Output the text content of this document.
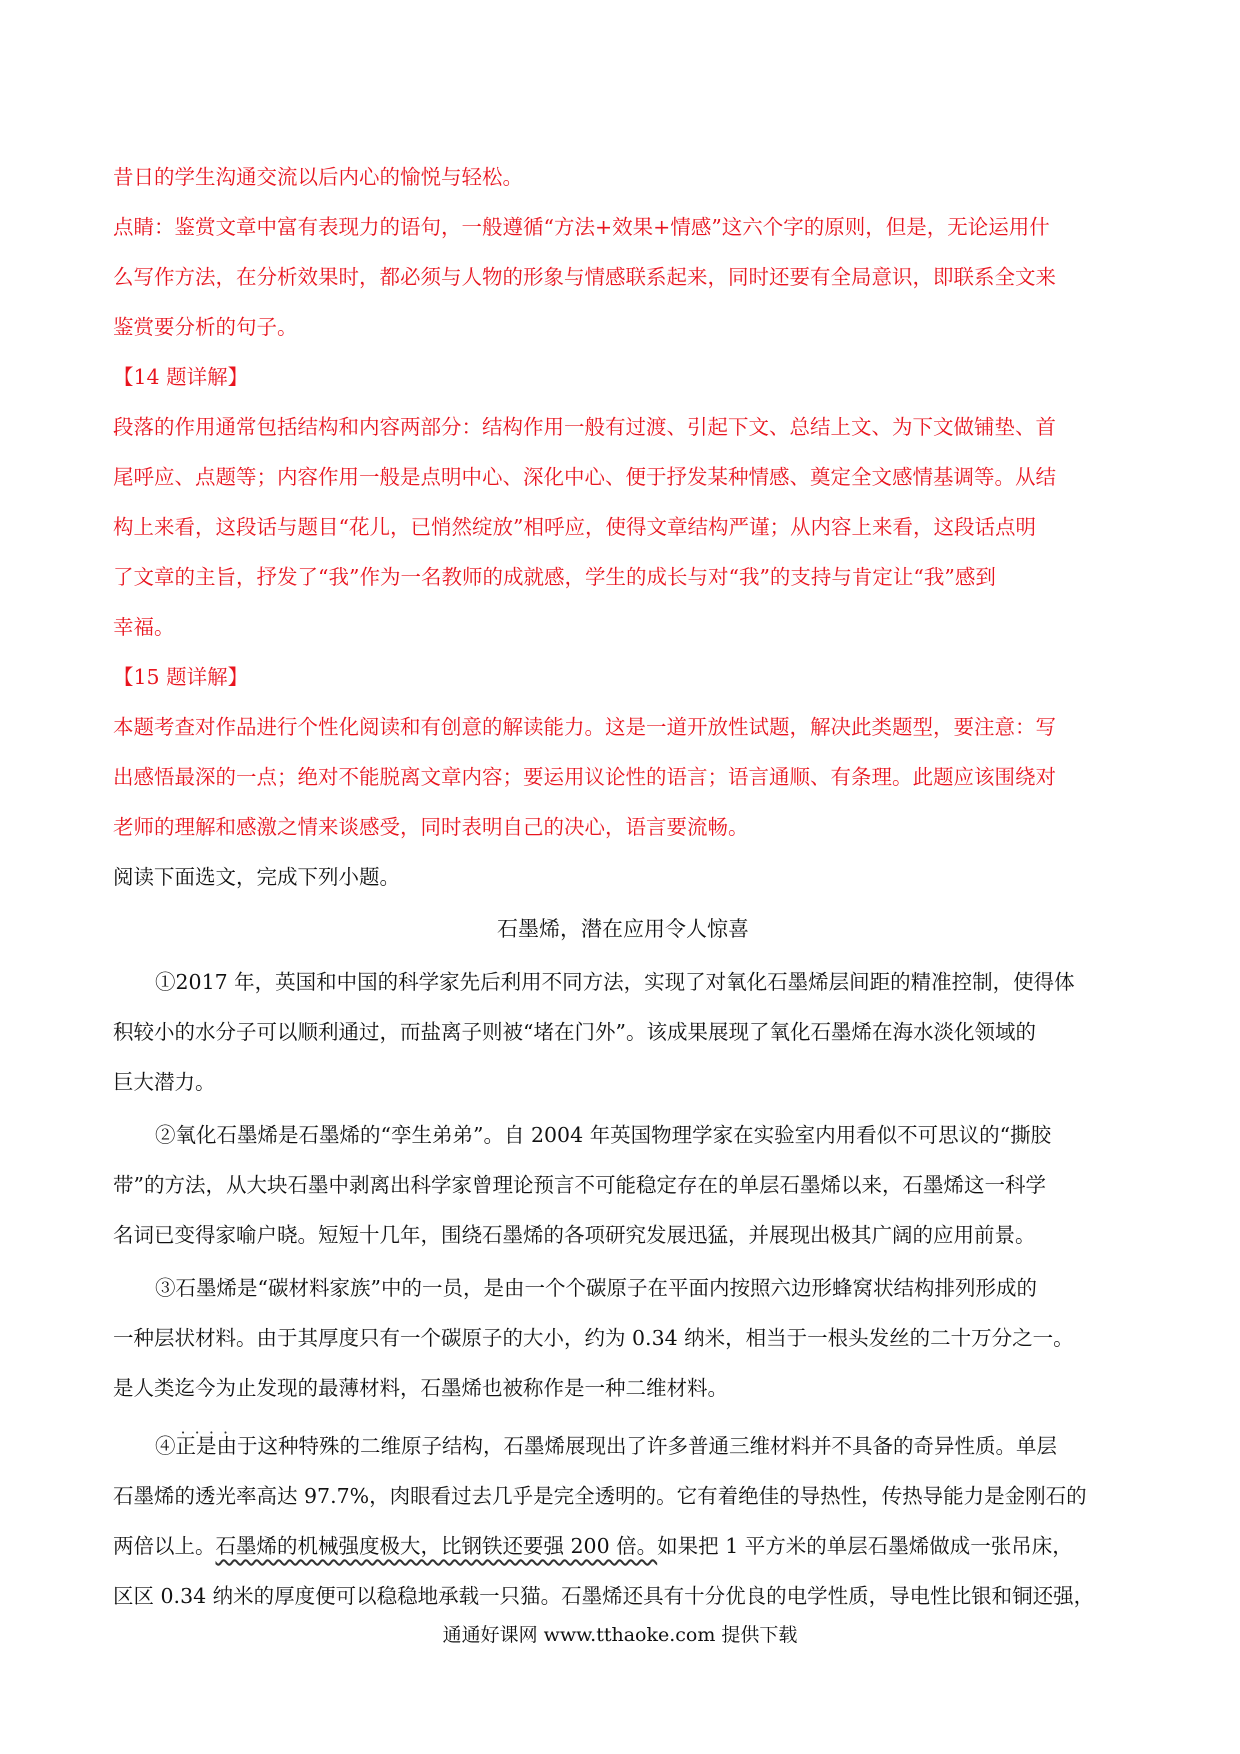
昔日的学生沟通交流以后内心的愉悦与轻松。
点睛：鉴赏文章中富有表现力的语句，一般遵循“方法+效果+情感”这六个字的原则，但是，无论运用什
么写作方法，在分析效果时，都必须与人物的形象与情感联系起来，同时还要有全局意识，即联系全文来
鉴赏要分析的句子。
【14 题详解】
段落的作用通常包括结构和内容两部分：结构作用一般有过渡、引起下文、总结上文、为下文做铺垫、首
尾呼应、点题等；内容作用一般是点明中心、深化中心、便于抒发某种情感、奠定全文感情基调等。从结
构上来看，这段话与题目“花儿，已悄然绽放”相呼应，使得文章结构严谨；从内容上来看，这段话点明
了文章的主旨，抒发了“我”作为一名教师的成就感，学生的成长与对“我”的支持与肯定让“我”感到
幸福。
【15 题详解】
本题考查对作品进行个性化阅读和有创意的解读能力。这是一道开放性试题，解决此类题型，要注意：写
出感悟最深的一点；绝对不能脱离文章内容；要运用议论性的语言；语言通顺、有条理。此题应该围绕对
老师的理解和感激之情来谈感受，同时表明自己的决心，语言要流畅。
阅读下面选文，完成下列小题。
石墨烯，潜在应用令人惊喜
①2017 年，英国和中国的科学家先后利用不同方法，实现了对氧化石墨烯层间距的精准控制，使得体
积较小的水分子可以顺利通过，而盐离子则被“堵在门外”。该成果展现了氧化石墨烯在海水淡化领域的
巨大潜力。
②氧化石墨烯是石墨烯的“孪生弟弟”。自 2004 年英国物理学家在实验室内用看似不可思议的“撕胶
带”的方法，从大块石墨中剥离出科学家曾理论预言不可能稳定存在的单层石墨烯以来，石墨烯这一科学
名词已变得家喻户晓。短短十几年，围绕石墨烯的各项研究发展迅猛，并展现出极其广阔的应用前景。
③石墨烯是“碳材料家族”中的一员，是由一个个碳原子在平面内按照六边形蜂窝状结构排列形成的
一种层状材料。由于其厚度只有一个碳原子的大小，约为 0.34 纳米，相当于一根头发丝的二十万分之一。
是人类迄今为止 · · · ·发现的最薄材料，石墨烯也被称作是一种二维材料。
④正是由于这种特殊的二维原子结构，石墨烯展现出了许多普通三维材料并不具备的奇异性质。单层
石墨烯的透光率高达 97.7%，肉眼看过去几乎是完全透明的。它有着绝佳的导热性，传热导能力是金刚石的
两倍以上。石墨烯的机械强度极大，比钢铁还要强 200 倍。如果把 1 平方米的单层石墨烯做成一张吊床，
区区 0.34 纳米的厚度便可以稳稳地承载一只猫。石墨烯还具有十分优良的电学性质，导电性比银和铜还强，
通通好课网 www.tthaoke.com 提供下载
